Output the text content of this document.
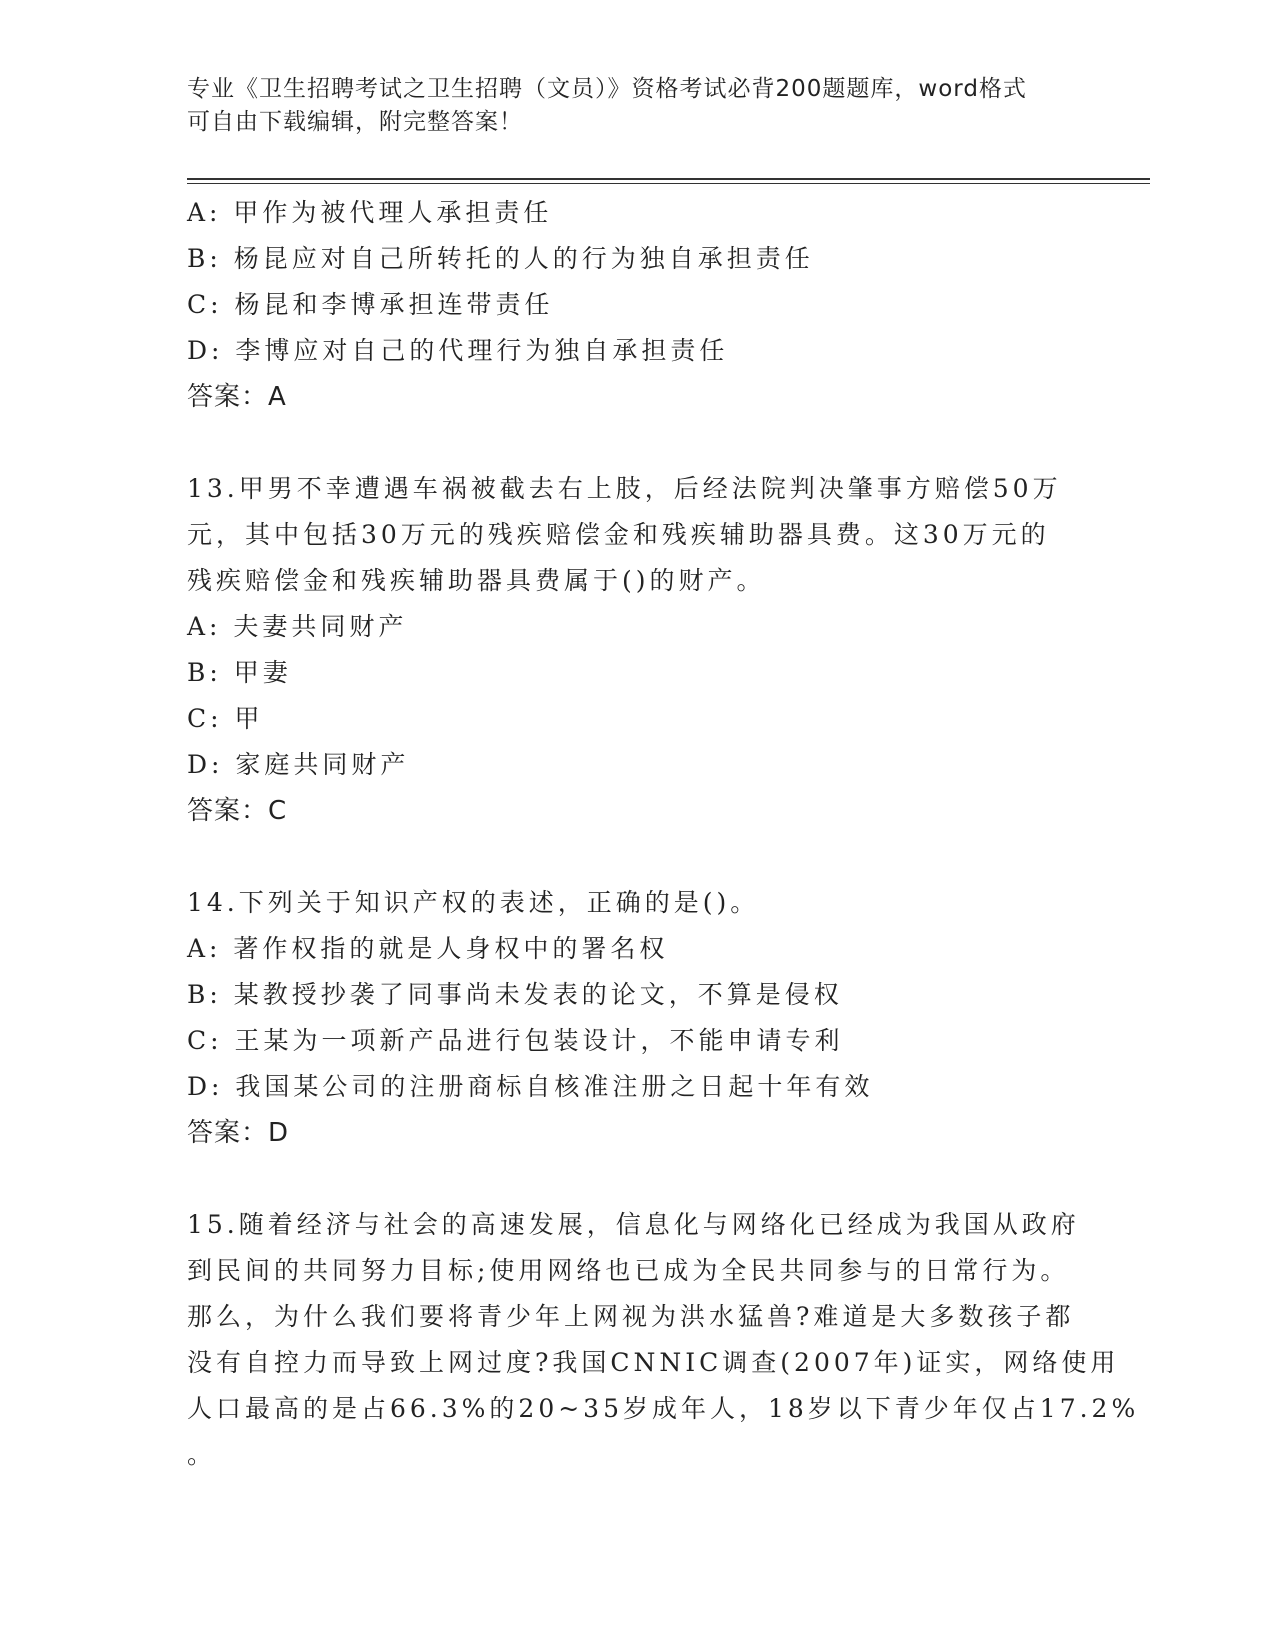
专业《卫生招聘考试之卫生招聘（文员）》资格考试必背200题题库，word格式
可自由下载编辑，附完整答案！
A: 甲作为被代理人承担责任
B: 杨昆应对自己所转托的人的行为独自承担责任
C: 杨昆和李博承担连带责任
D: 李博应对自己的代理行为独自承担责任
答案：A
13.甲男不幸遭遇车祸被截去右上肢，后经法院判决肇事方赔偿50万
元，其中包括30万元的残疾赔偿金和残疾辅助器具费。这30万元的
残疾赔偿金和残疾辅助器具费属于()的财产。
A: 夫妻共同财产
B: 甲妻
C: 甲
D: 家庭共同财产
答案：C
14.下列关于知识产权的表述，正确的是()。
A: 著作权指的就是人身权中的署名权
B: 某教授抄袭了同事尚未发表的论文，不算是侵权
C: 王某为一项新产品进行包装设计，不能申请专利
D: 我国某公司的注册商标自核准注册之日起十年有效
答案：D
15.随着经济与社会的高速发展，信息化与网络化已经成为我国从政府
到民间的共同努力目标;使用网络也已成为全民共同参与的日常行为。
那么，为什么我们要将青少年上网视为洪水猛兽?难道是大多数孩子都
没有自控力而导致上网过度?我国CNNIC调查(2007年)证实，网络使用
人口最高的是占66.3%的20~35岁成年人，18岁以下青少年仅占17.2%
。
